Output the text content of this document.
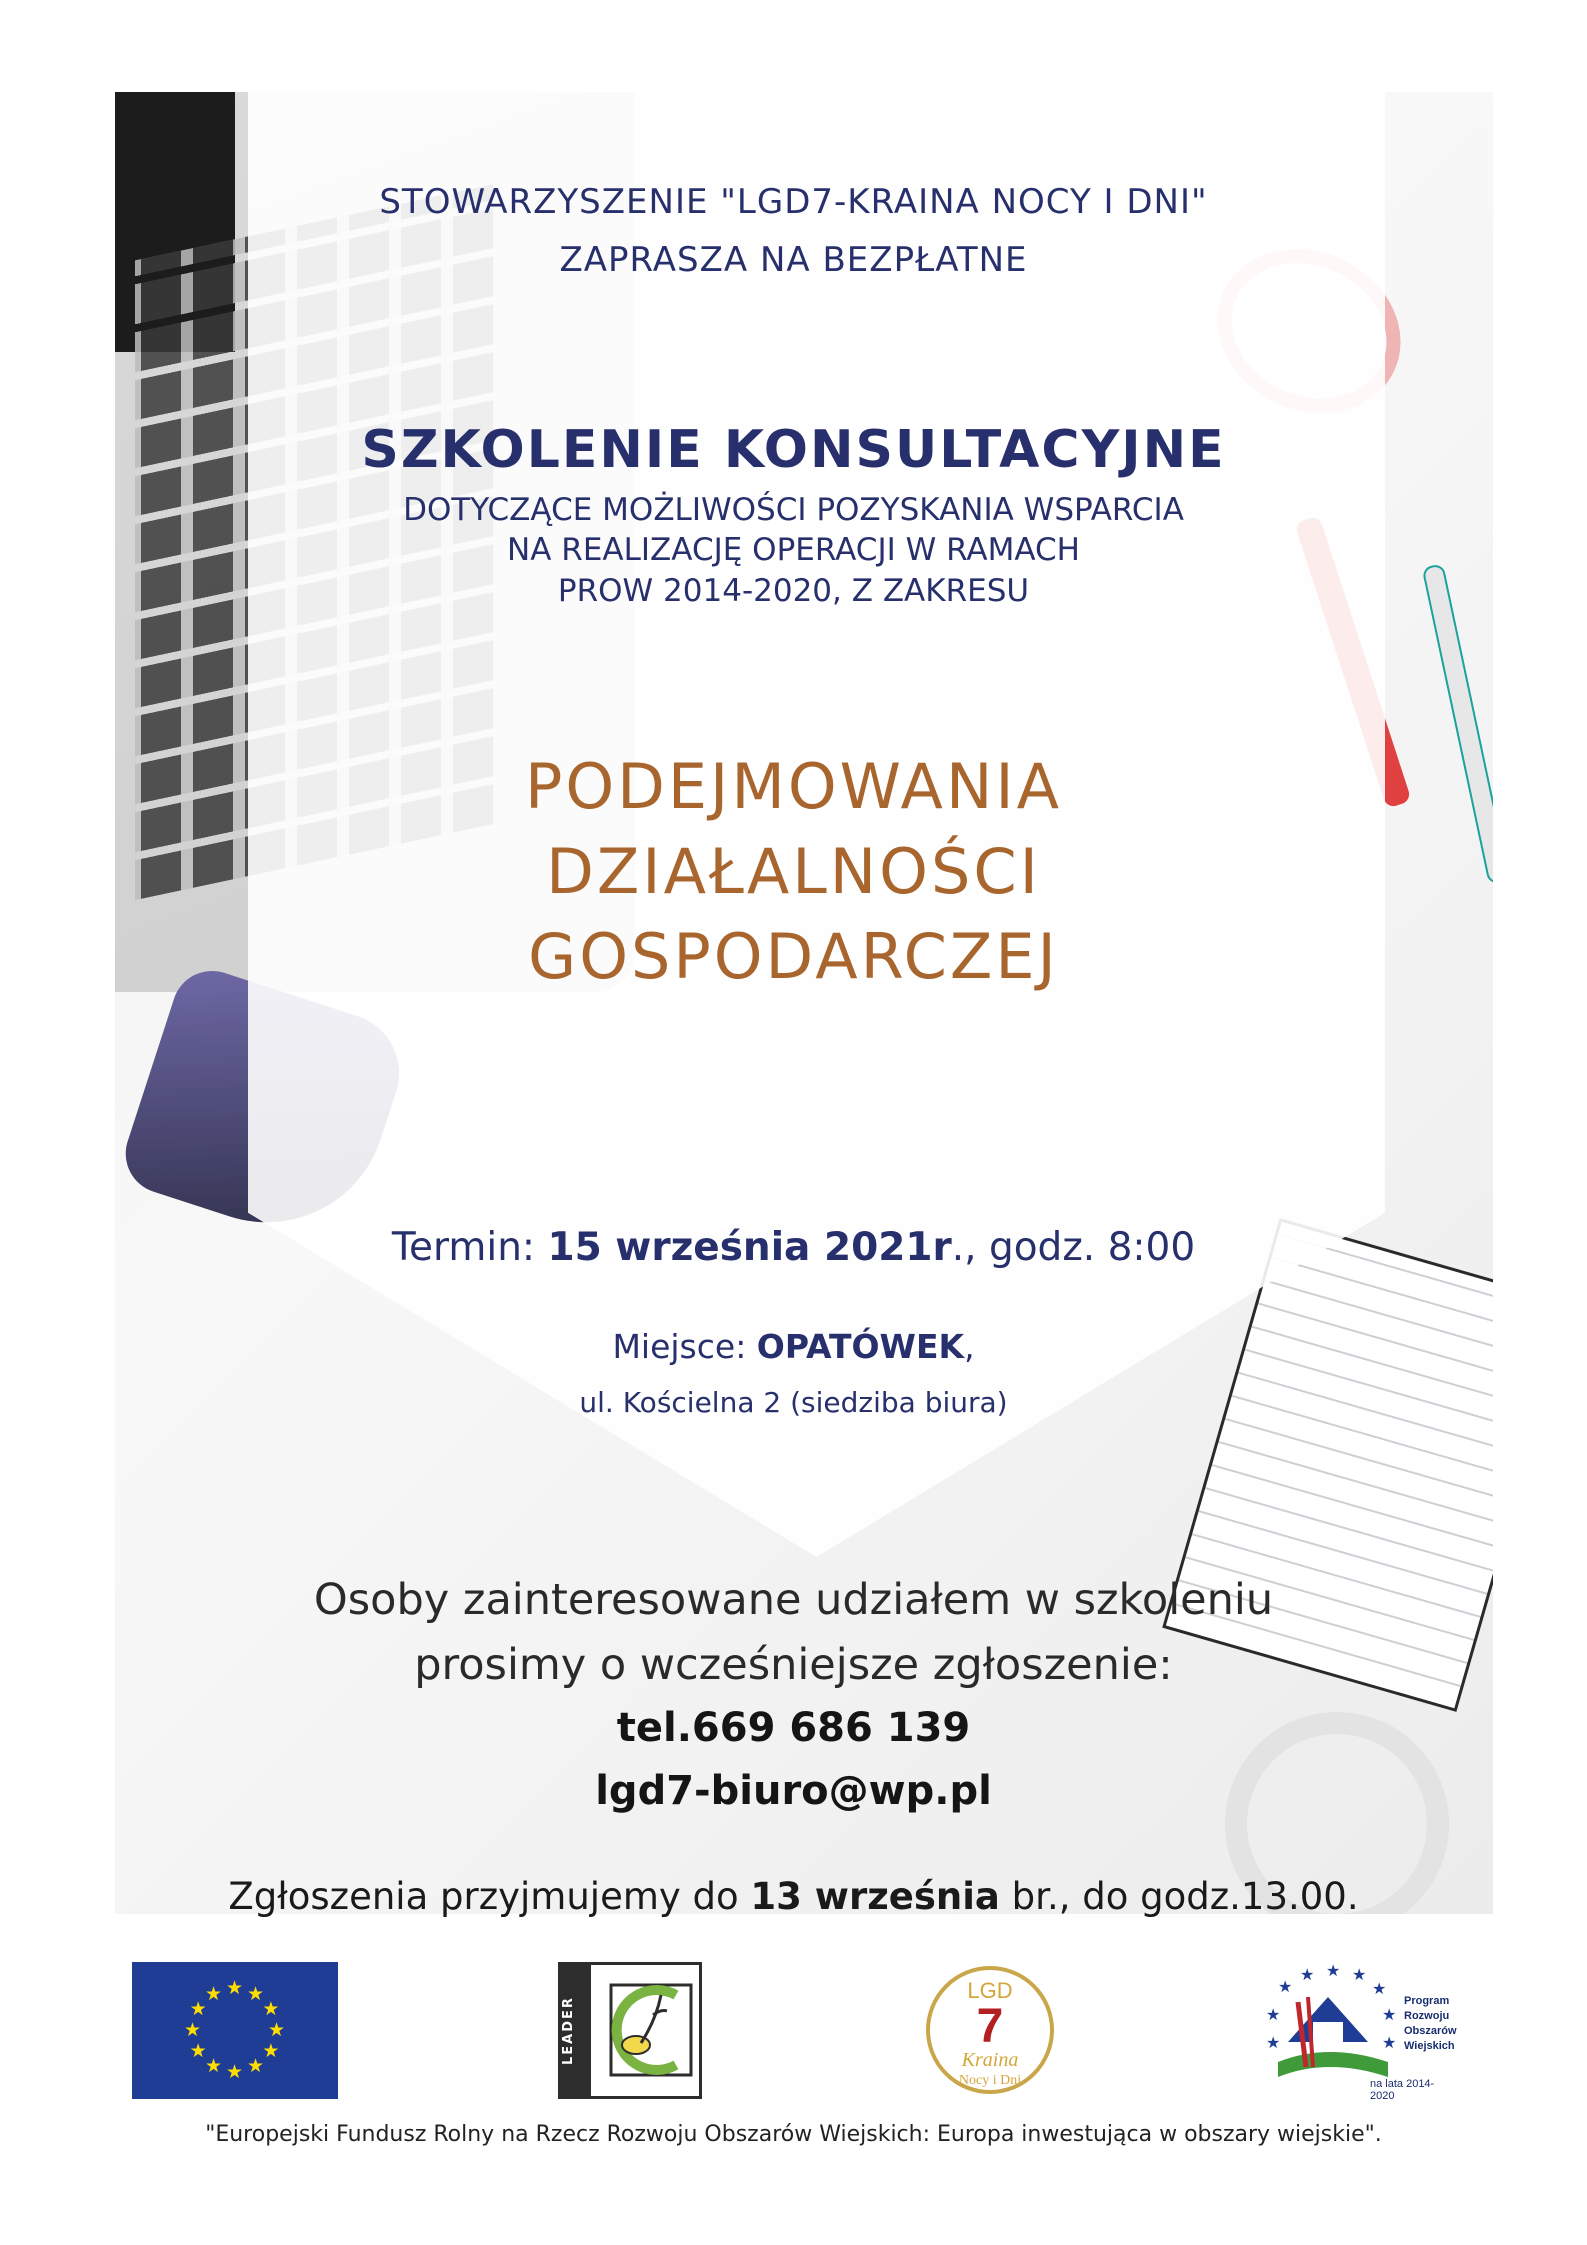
STOWARZYSZENIE "LGD7-KRAINA NOCY I DNI"
ZAPRASZA NA BEZPŁATNE
SZKOLENIE KONSULTACYJNE
DOTYCZĄCE MOŻLIWOŚCI POZYSKANIA WSPARCIA
NA REALIZACJĘ OPERACJI W RAMACH
PROW 2014-2020, Z ZAKRESU
PODEJMOWANIA
DZIAŁALNOŚCI
GOSPODARCZEJ
Termin: 15 września 2021r., godz. 8:00
Miejsce: OPATÓWEK,
ul. Kościelna 2 (siedziba biura)
Osoby zainteresowane udziałem w szkoleniu
prosimy o wcześniejsze zgłoszenie:
tel.669 686 139
lgd7-biuro@wp.pl
Zgłoszenia przyjmujemy do 13 września br., do godz.13.00.
★ ★
★
★
★
★
★
★
★
★
★
★
LEADER
LGD
7
Kraina
Nocy i Dni
★
★ ★ ★
★
★	★
★	★
Program
Rozwoju
Obszarów
Wiejskich
na lata 2014-2020
"Europejski Fundusz Rolny na Rzecz Rozwoju Obszarów Wiejskich: Europa inwestująca w obszary wiejskie".
